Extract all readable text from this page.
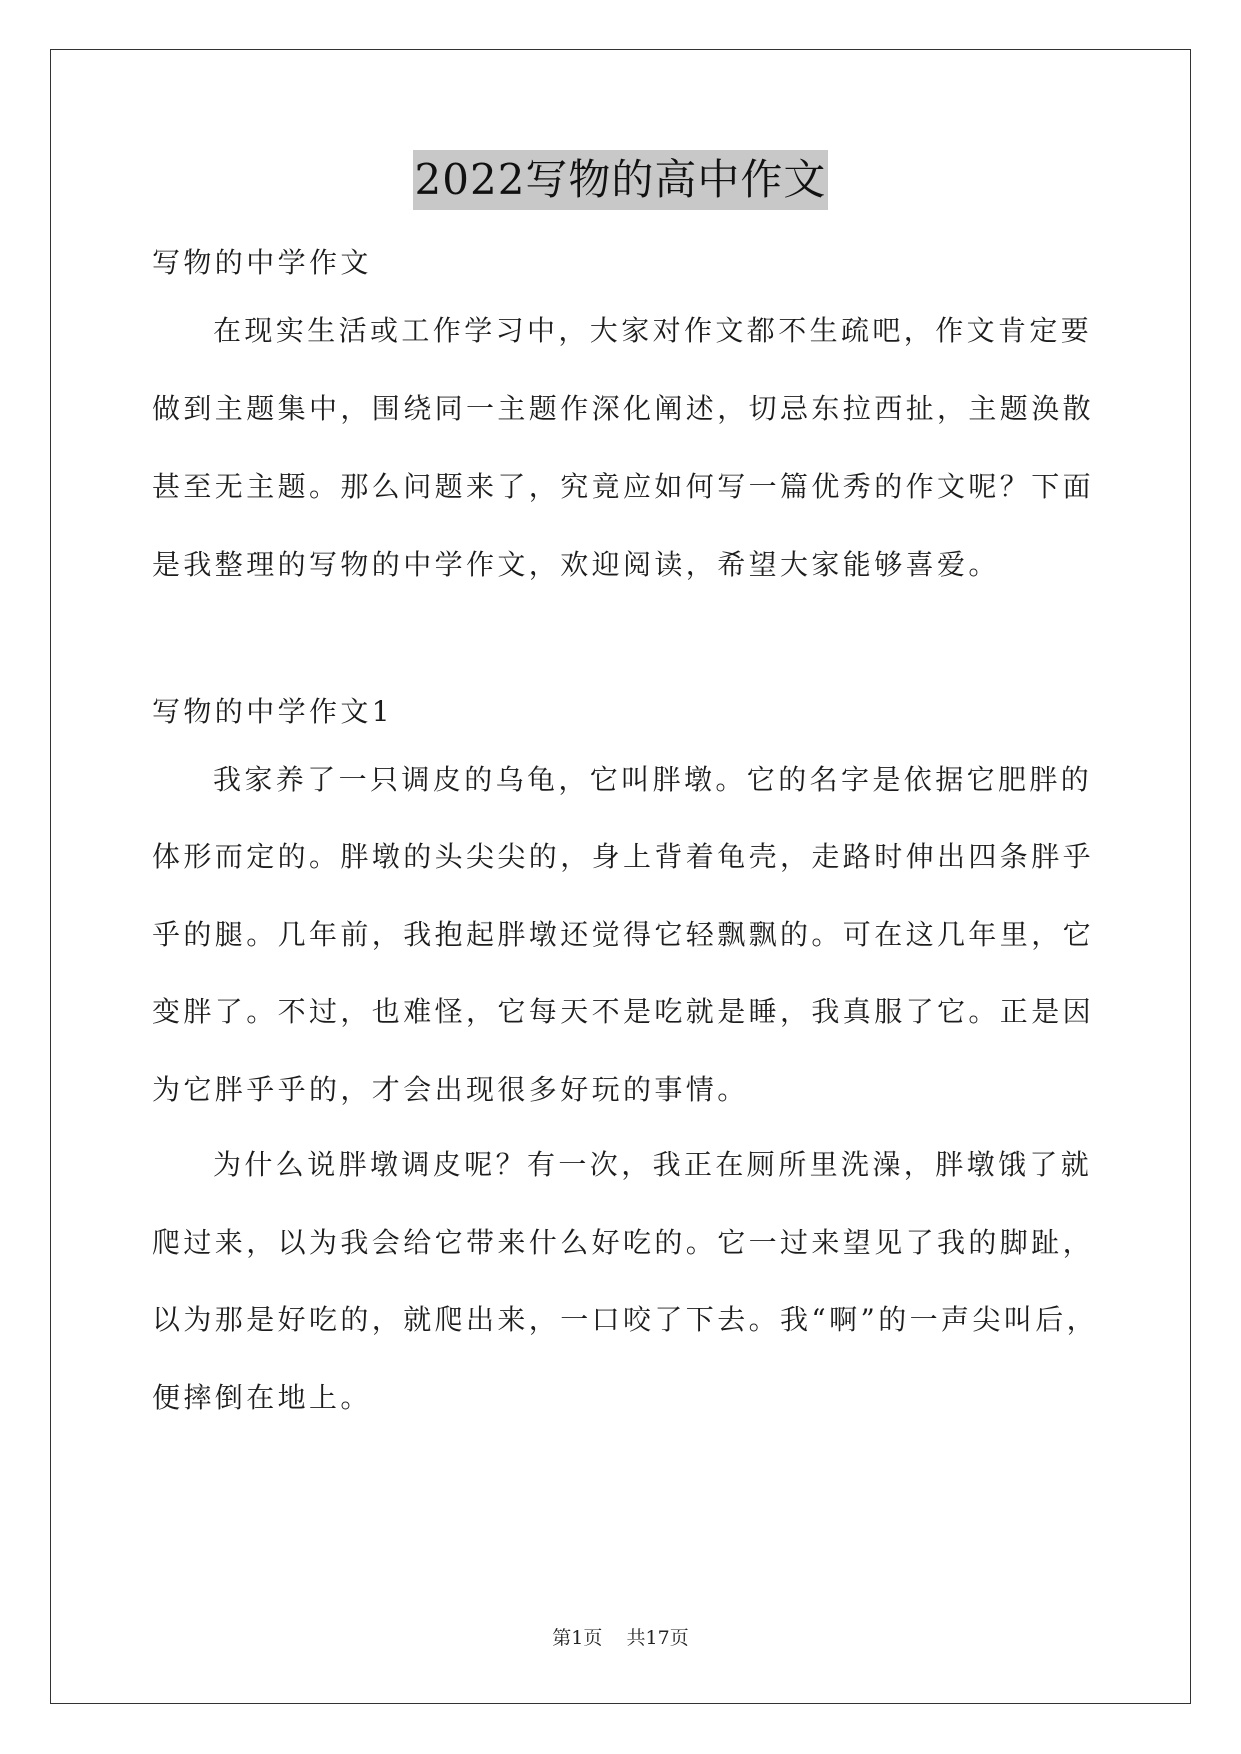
2022写物的高中作文
写物的中学作文
在现实生活或工作学习中，大家对作文都不生疏吧，作文肯定要
做到主题集中，围绕同一主题作深化阐述，切忌东拉西扯，主题涣散
甚至无主题。那么问题来了，究竟应如何写一篇优秀的作文呢？下面
是我整理的写物的中学作文，欢迎阅读，希望大家能够喜爱。
写物的中学作文1
我家养了一只调皮的乌龟，它叫胖墩。它的名字是依据它肥胖的
体形而定的。胖墩的头尖尖的，身上背着龟壳，走路时伸出四条胖乎
乎的腿。几年前，我抱起胖墩还觉得它轻飘飘的。可在这几年里，它
变胖了。不过，也难怪，它每天不是吃就是睡，我真服了它。正是因
为它胖乎乎的，才会出现很多好玩的事情。
为什么说胖墩调皮呢？有一次，我正在厕所里洗澡，胖墩饿了就
爬过来，以为我会给它带来什么好吃的。它一过来望见了我的脚趾，
以为那是好吃的，就爬出来，一口咬了下去。我“啊”的一声尖叫后，
便摔倒在地上。
第1页 共17页
